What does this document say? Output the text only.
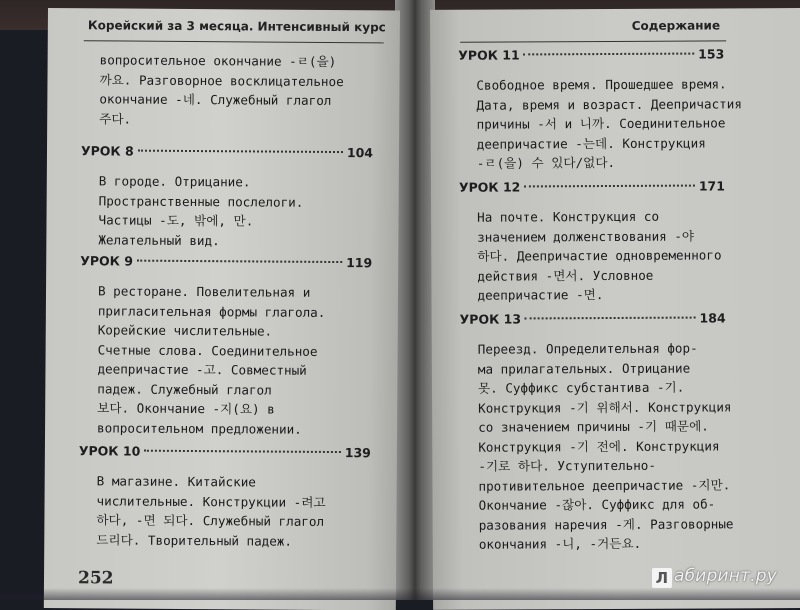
Корейский за 3 месяца. Интенсивный курс
вопросительное окончание -ㄹ(을)
까요. Разговорное восклицательное
окончание -네. Служебный глагол
주다.
УРОК 8	104
В городе. Отрицание.
Пространственные послелоги.
Частицы -도, 밖에, 만.
Желательный вид.
УРОК 9	119
В ресторане. Повелительная и
пригласительная формы глагола.
Корейские числительные.
Счетные слова. Соединительное
деепричастие -고. Совместный
падеж. Служебный глагол
보다. Окончание -지(요) в
вопросительном предложении.
УРОК 10	139
В магазине. Китайские
числительные. Конструкции -려고
하다, -면 되다. Служебный глагол
드리다. Творительный падеж.
252
Содержание
УРОК 11	153
Свободное время. Прошедшее время.
Дата, время и возраст. Деепричастия
причины -서 и 니까. Соединительное
деепричастие -는데. Конструкция
-ㄹ(을) 수 있다/없다.
УРОК 12	171
На почте. Конструкция со
значением долженствования -야
하다. Деепричастие одновременного
действия -면서. Условное
деепричастие -면.
УРОК 13	184
Переезд. Определительная фор-
ма прилагательных. Отрицание
못. Суффикс субстантива -기.
Конструкция -기 위해서. Конструкция
со значением причины -기 때문에.
Конструкция -기 전에. Конструкция
-기로 하다. Уступительно-
противительное деепричастие -지만.
Окончание -잖아. Суффикс для об-
разования наречия -게. Разговорные
окончания -니, -거든요.
Л абиринт.ру
